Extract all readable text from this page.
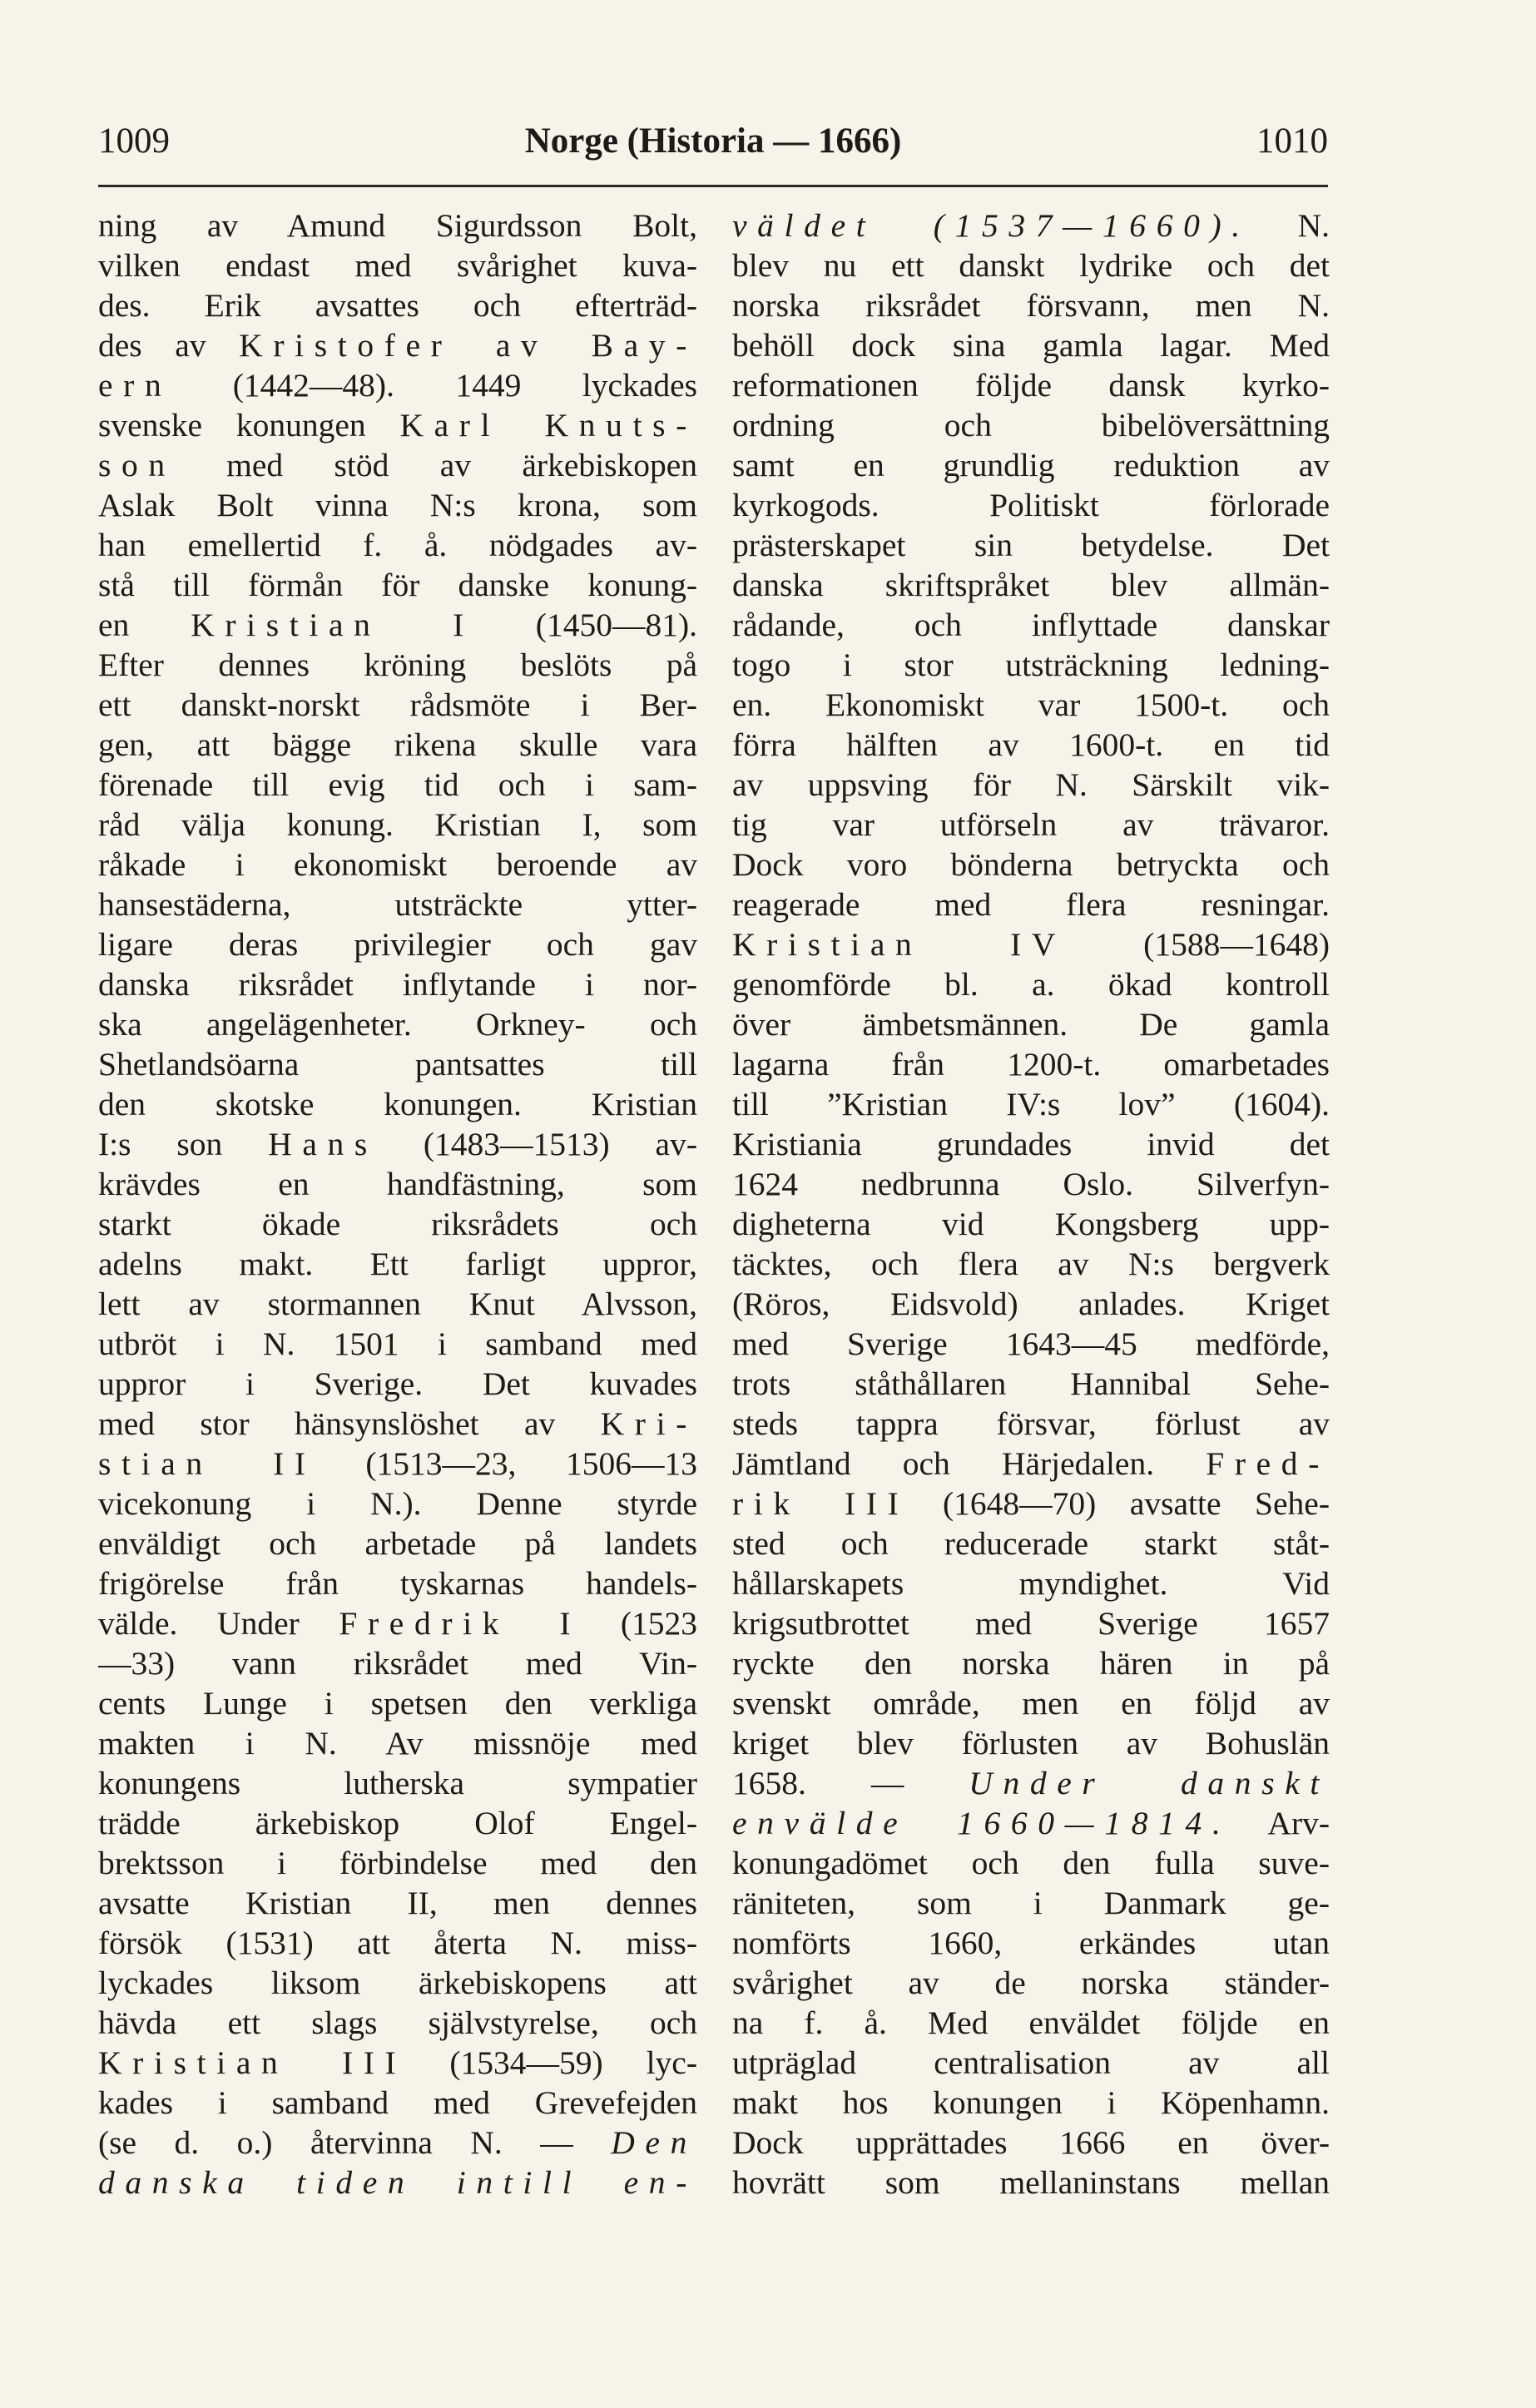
1009	Norge (Historia — 1666)	1010
ning av Amund Sigurdsson Bolt,
vilken endast med svårighet kuva-
des. Erik avsattes och efterträd-
des av Kristofer av Bay-
ern (1442—48). 1449 lyckades
svenske konungen Karl Knuts-
son med stöd av ärkebiskopen
Aslak Bolt vinna N:s krona, som
han emellertid f. å. nödgades av-
stå till förmån för danske konung-
en Kristian I (1450—81).
Efter dennes kröning beslöts på
ett danskt-norskt rådsmöte i Ber-
gen, att bägge rikena skulle vara
förenade till evig tid och i sam-
råd välja konung. Kristian I, som
råkade i ekonomiskt beroende av
hansestäderna, utsträckte ytter-
ligare deras privilegier och gav
danska riksrådet inflytande i nor-
ska angelägenheter. Orkney- och
Shetlandsöarna pantsattes till
den skotske konungen. Kristian
I:s son Hans (1483—1513) av-
krävdes en handfästning, som
starkt ökade riksrådets och
adelns makt. Ett farligt uppror,
lett av stormannen Knut Alvsson,
utbröt i N. 1501 i samband med
uppror i Sverige. Det kuvades
med stor hänsynslöshet av Kri-
stian II (1513—23, 1506—13
vicekonung i N.). Denne styrde
enväldigt och arbetade på landets
frigörelse från tyskarnas handels-
välde. Under Fredrik I (1523
—33) vann riksrådet med Vin-
cents Lunge i spetsen den verkliga
makten i N. Av missnöje med
konungens lutherska sympatier
trädde ärkebiskop Olof Engel-
brektsson i förbindelse med den
avsatte Kristian II, men dennes
försök (1531) att återta N. miss-
lyckades liksom ärkebiskopens att
hävda ett slags självstyrelse, och
Kristian III (1534—59) lyc-
kades i samband med Grevefejden
(se d. o.) återvinna N. — Den
danska tiden intill en-
väldet (1537—1660). N.
blev nu ett danskt lydrike och det
norska riksrådet försvann, men N.
behöll dock sina gamla lagar. Med
reformationen följde dansk kyrko-
ordning och bibelöversättning
samt en grundlig reduktion av
kyrkogods. Politiskt förlorade
prästerskapet sin betydelse. Det
danska skriftspråket blev allmän-
rådande, och inflyttade danskar
togo i stor utsträckning ledning-
en. Ekonomiskt var 1500-t. och
förra hälften av 1600-t. en tid
av uppsving för N. Särskilt vik-
tig var utförseln av trävaror.
Dock voro bönderna betryckta och
reagerade med flera resningar.
Kristian IV (1588—1648)
genomförde bl. a. ökad kontroll
över ämbetsmännen. De gamla
lagarna från 1200-t. omarbetades
till ”Kristian IV:s lov” (1604).
Kristiania grundades invid det
1624 nedbrunna Oslo. Silverfyn-
digheterna vid Kongsberg upp-
täcktes, och flera av N:s bergverk
(Röros, Eidsvold) anlades. Kriget
med Sverige 1643—45 medförde,
trots ståthållaren Hannibal Sehe-
steds tappra försvar, förlust av
Jämtland och Härjedalen. Fred-
rik III (1648—70) avsatte Sehe-
sted och reducerade starkt ståt-
hållarskapets myndighet. Vid
krigsutbrottet med Sverige 1657
ryckte den norska hären in på
svenskt område, men en följd av
kriget blev förlusten av Bohuslän
1658. — Under danskt
envälde 1660—1814. Arv-
konungadömet och den fulla suve-
räniteten, som i Danmark ge-
nomförts 1660, erkändes utan
svårighet av de norska ständer-
na f. å. Med enväldet följde en
utpräglad centralisation av all
makt hos konungen i Köpenhamn.
Dock upprättades 1666 en över-
hovrätt som mellaninstans mellan
